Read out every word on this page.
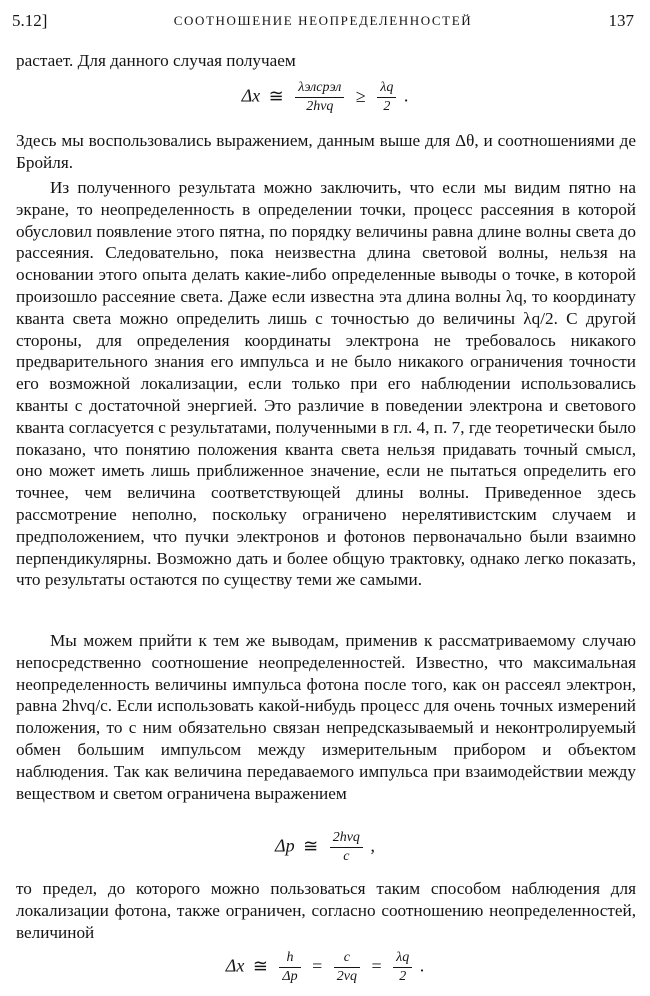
5.12]	СООТНОШЕНИЕ НЕОПРЕДЕЛЕННОСТЕЙ	137

растает. Для данного случая получаем

Δx ≅ $\frac{\text{λэлcpэл}}{\text{2hνq}} \ge \frac{\lambda q}{2}$ .

Здесь мы воспользовались выражением, данным выше для Δθ, и соотношениями де Бройля.

Из полученного результата можно заключить, что если мы видим пятно на экране, то неопределенность в определении точки, процесс рассеяния в которой обусловил появление этого пятна, по порядку величины равна длине волны света до рассеяния. Следовательно, пока неизвестна длина световой волны, нельзя на основании этого опыта делать какие-либо определенные выводы о точке, в которой произошло рассеяние света. Даже если известна эта длина волны λq, то координату кванта света можно определить лишь с точностью до величины λq/2. С другой стороны, для определения координаты электрона не требовалось никакого предварительного знания его импульса и не было никакого ограничения точности его возможной локализации, если только при его наблюдении использовались кванты с достаточной энергией. Это различие в поведении электрона и светового кванта согласуется с результатами, полученными в гл. 4, п. 7, где теоретически было показано, что понятию положения кванта света нельзя придавать точный смысл, оно может иметь лишь приближенное значение, если не пытаться определить его точнее, чем величина соответствующей длины волны. Приведенное здесь рассмотрение неполно, поскольку ограничено нерелятивистским случаем и предположением, что пучки электронов и фотонов первоначально были взаимно перпендикулярны. Возможно дать и более общую трактовку, однако легко показать, что результаты остаются по существу теми же самыми.

Мы можем прийти к тем же выводам, применив к рассматриваемому случаю непосредственно соотношение неопределенностей. Известно, что максимальная неопределенность величины импульса фотона после того, как он рассеял электрон, равна 2hνq/c. Если использовать какой-нибудь процесс для очень точных измерений положения, то с ним обязательно связан непредсказываемый и неконтролируемый обмен большим импульсом между измерительным прибором и объектом наблюдения. Так как величина передаваемого импульса при взаимодействии между веществом и светом ограничена выражением

Δp ≅ $\frac{\text{2hνq}}{c}$ ,

то предел, до которого можно пользоваться таким способом наблюдения для локализации фотона, также ограничен, согласно соотношению неопределенностей, величиной

Δx ≅ $\frac{h}{\Delta p} = \frac{c}{2\nu q} = \frac{\lambda q}{2}$ .
